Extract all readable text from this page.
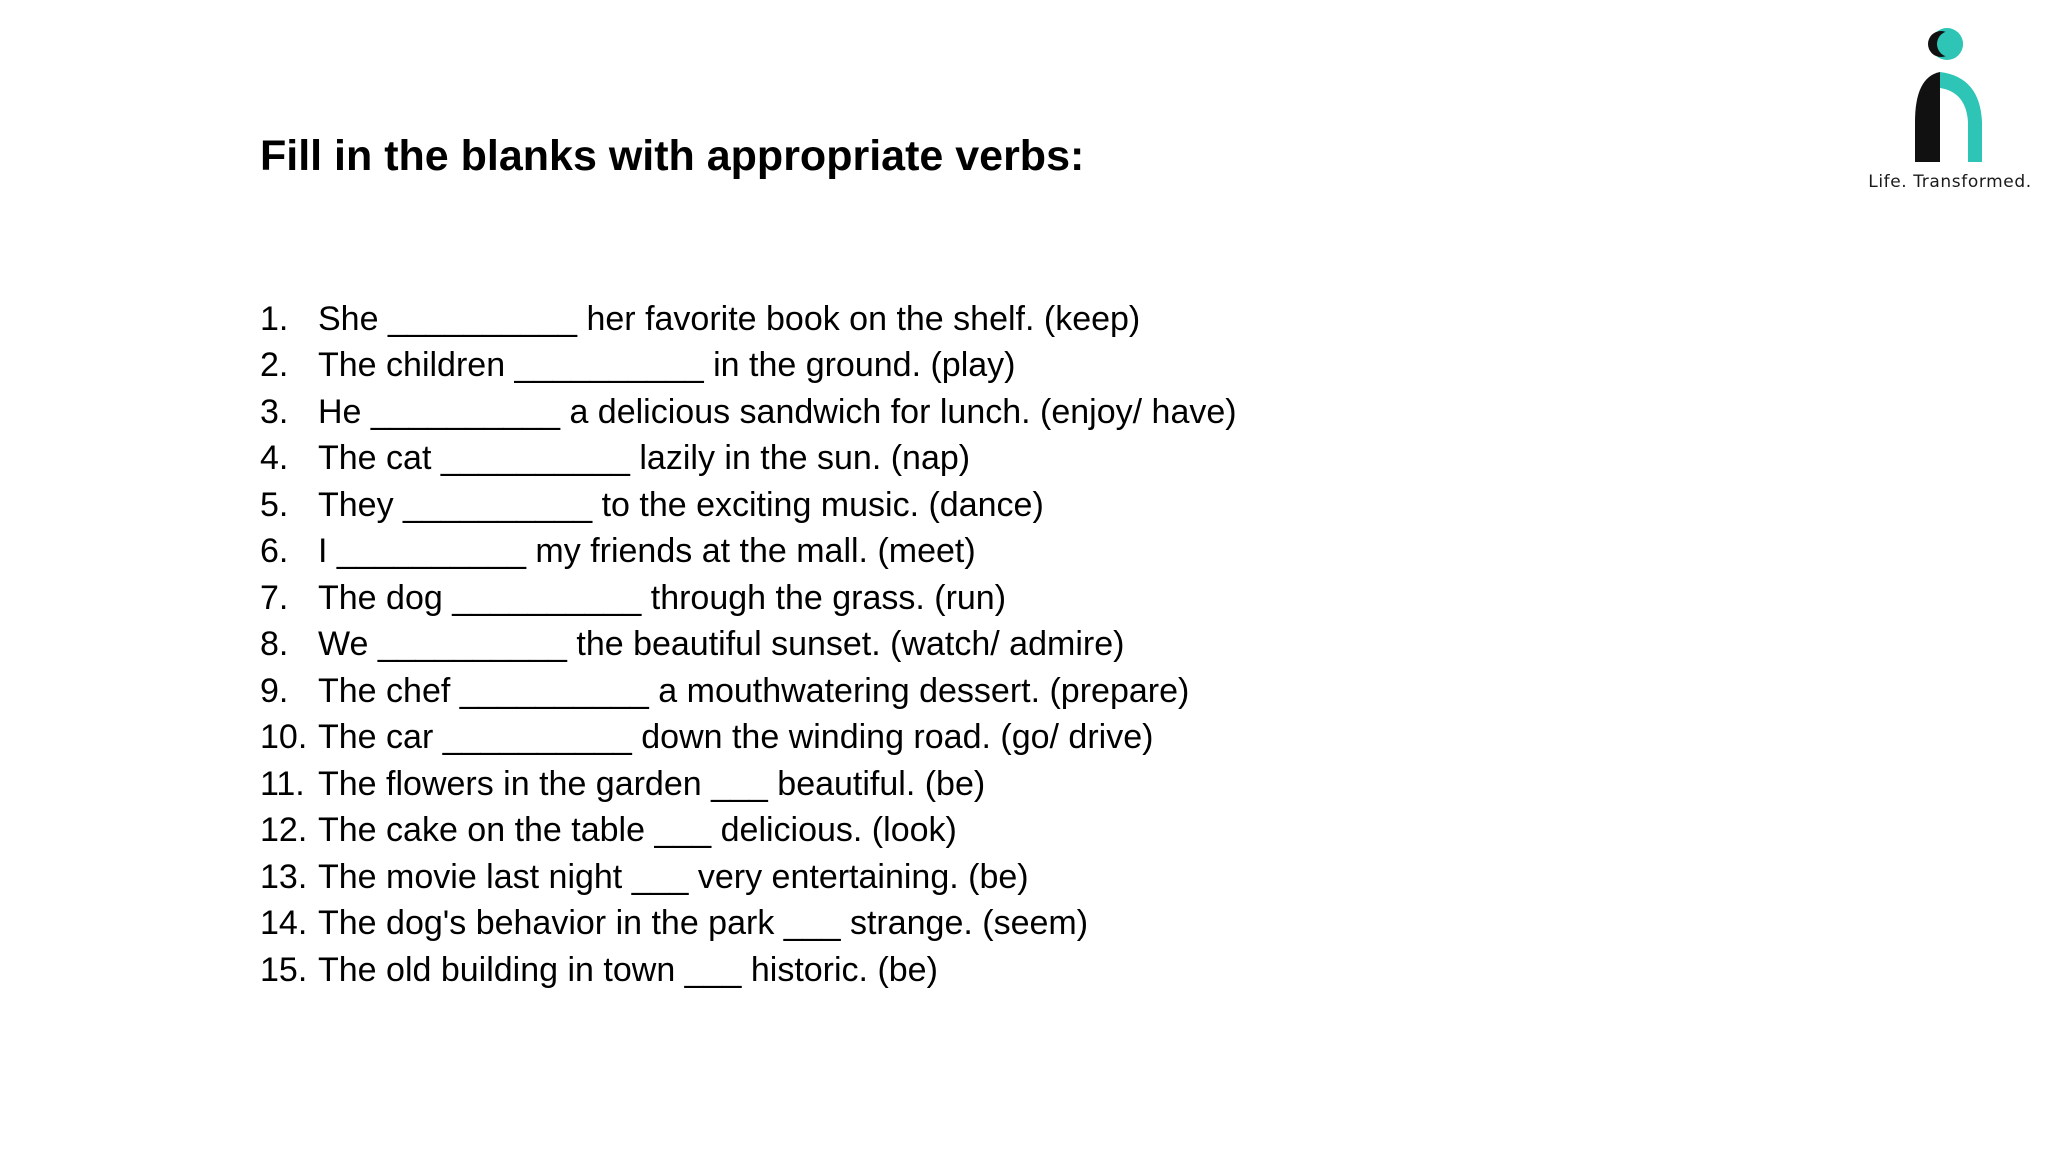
Fill in the blanks with appropriate verbs:
Life. Transformed.
1. She __________ her favorite book on the shelf. (keep)
2. The children __________ in the ground. (play)
3. He __________ a delicious sandwich for lunch. (enjoy/ have)
4. The cat __________ lazily in the sun. (nap)
5. They __________ to the exciting music. (dance)
6. I __________ my friends at the mall. (meet)
7. The dog __________ through the grass. (run)
8. We __________ the beautiful sunset. (watch/ admire)
9. The chef __________ a mouthwatering dessert. (prepare)
10. The car __________ down the winding road. (go/ drive)
11. The flowers in the garden ___ beautiful. (be)
12. The cake on the table ___ delicious. (look)
13. The movie last night ___ very entertaining. (be)
14. The dog's behavior in the park ___ strange. (seem)
15. The old building in town ___ historic. (be)
